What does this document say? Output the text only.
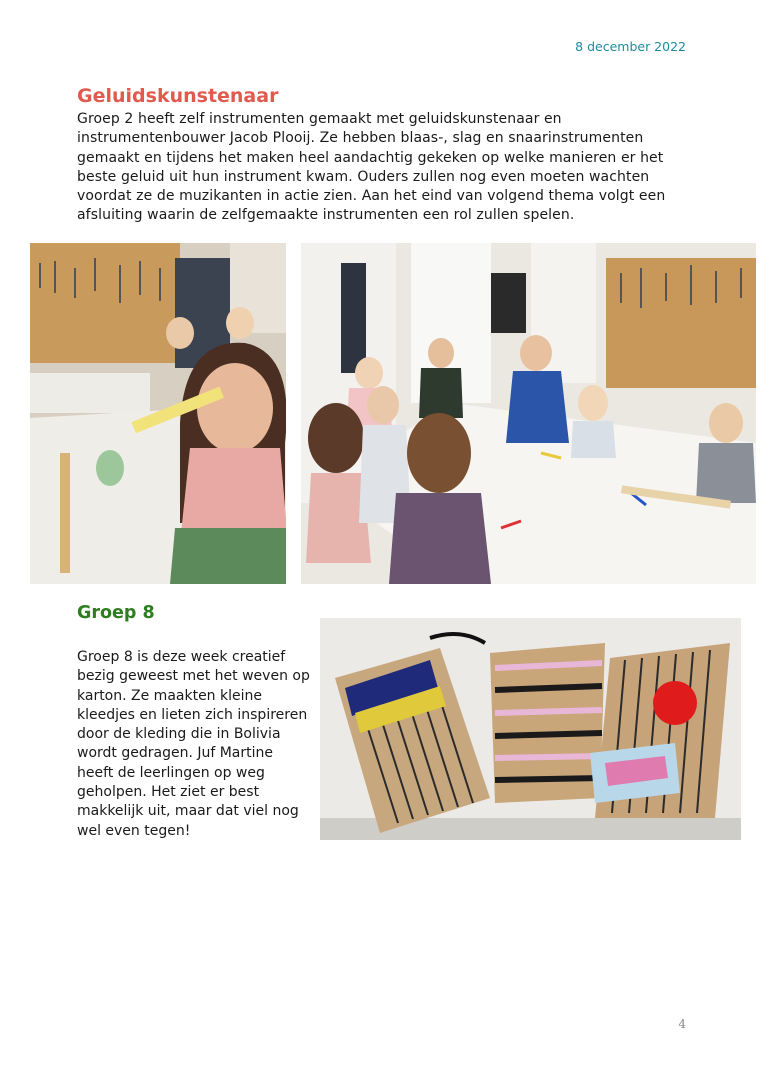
8 december 2022
Geluidskunstenaar

Groep 2 heeft zelf instrumenten gemaakt met geluidskunstenaar en instrumentenbouwer Jacob Plooij. Ze hebben blaas-, slag en snaarinstrumenten gemaakt en tijdens het maken heel aandachtig gekeken op welke manieren er het beste geluid uit hun instrument kwam. Ouders zullen nog even moeten wachten voordat ze de muzikanten in actie zien. Aan het eind van volgend thema volgt een afsluiting waarin de zelfgemaakte instrumenten een rol zullen spelen.

Groep 8

Groep 8 is deze week creatief bezig geweest met het weven op karton. Ze maakten kleine kleedjes en lieten zich inspireren door de kleding die in Bolivia wordt gedragen. Juf Martine heeft de leerlingen op weg geholpen. Het ziet er best makkelijk uit, maar dat viel nog wel even tegen!

4
